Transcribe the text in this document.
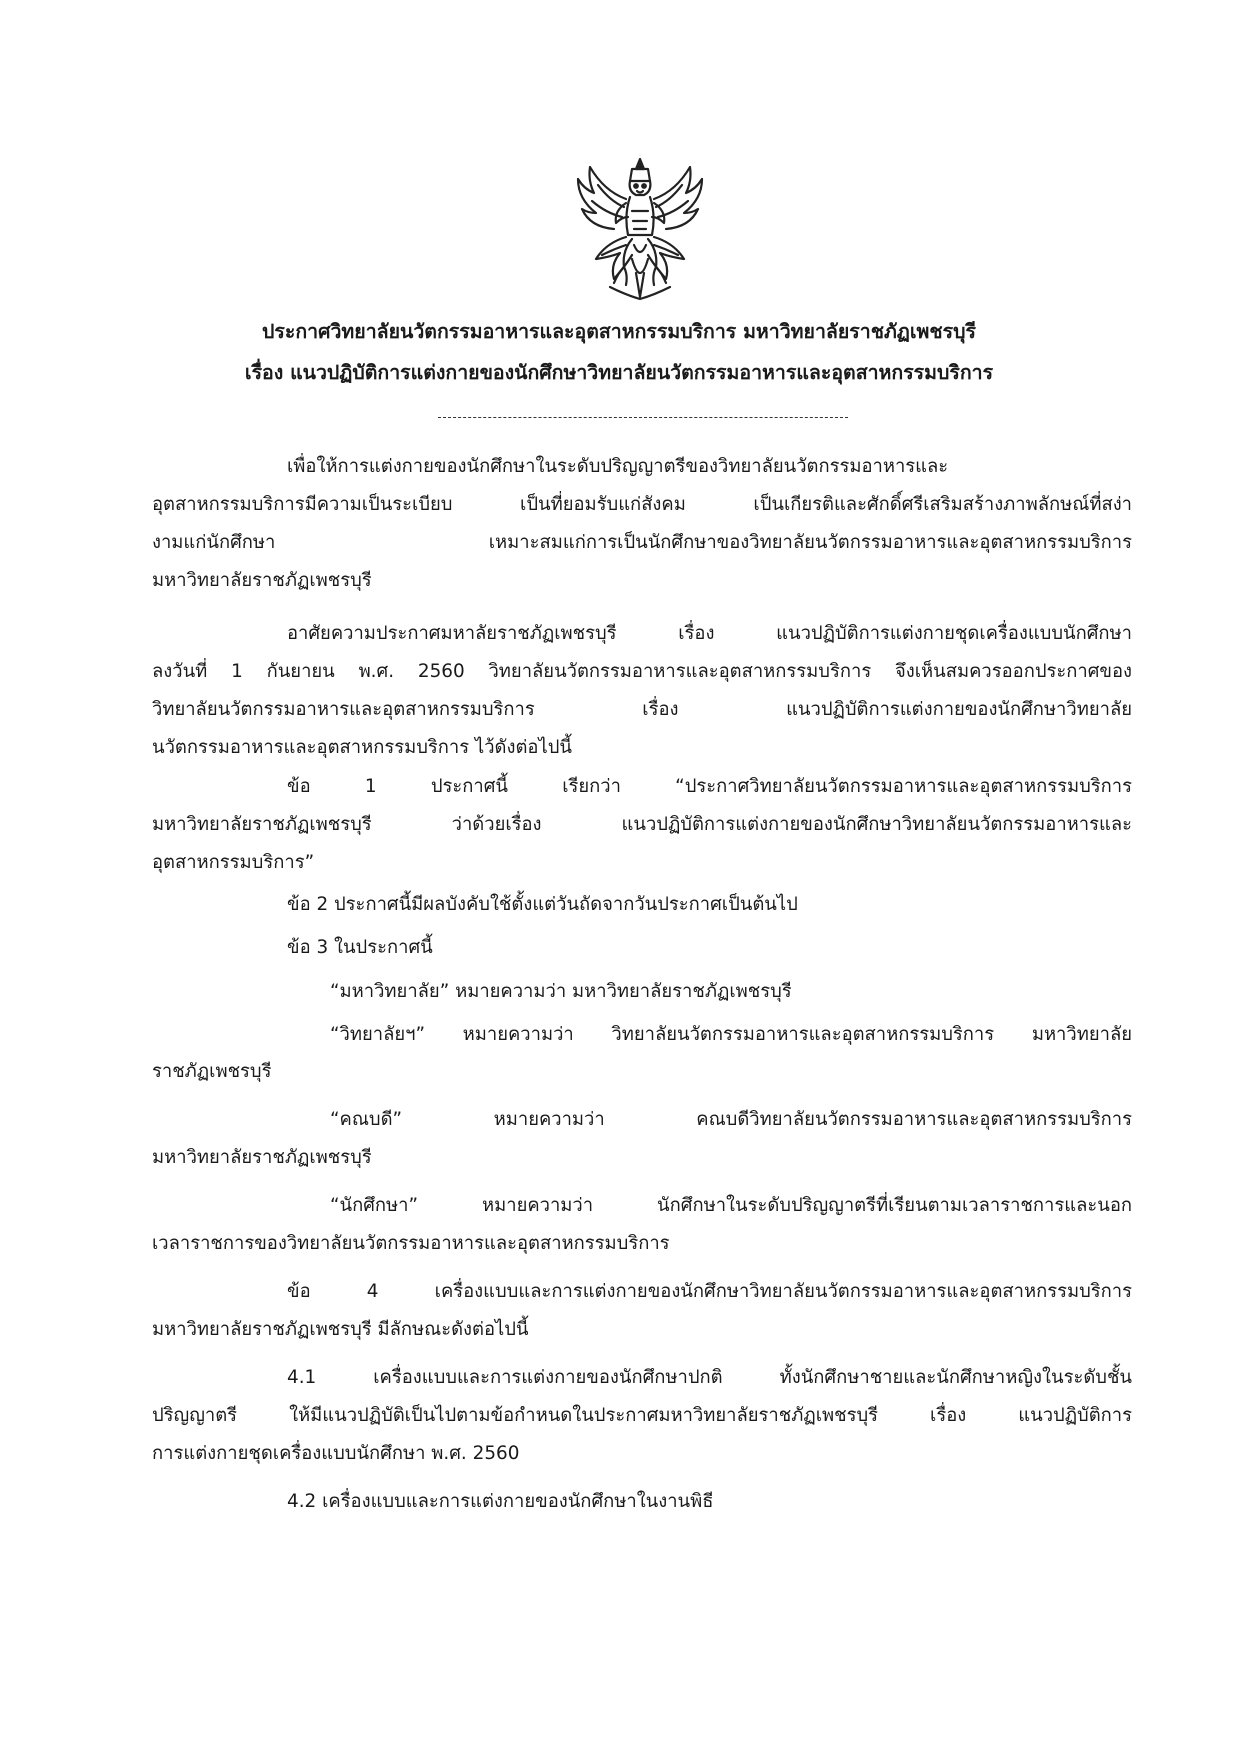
ประกาศวิทยาลัยนวัตกรรมอาหารและอุตสาหกรรมบริการ มหาวิทยาลัยราชภัฏเพชรบุรี
เรื่อง แนวปฏิบัติการแต่งกายของนักศึกษาวิทยาลัยนวัตกรรมอาหารและอุตสาหกรรมบริการ
เพื่อให้การแต่งกายของนักศึกษาในระดับปริญญาตรีของวิทยาลัยนวัตกรรมอาหารและ
อุตสาหกรรมบริการมีความเป็นระเบียบ เป็นที่ยอมรับแก่สังคม เป็นเกียรติและศักดิ์ศรีเสริมสร้างภาพลักษณ์ที่สง่า
งามแก่นักศึกษา เหมาะสมแก่การเป็นนักศึกษาของวิทยาลัยนวัตกรรมอาหารและอุตสาหกรรมบริการ
มหาวิทยาลัยราชภัฏเพชรบุรี
อาศัยความประกาศมหาลัยราชภัฏเพชรบุรี เรื่อง แนวปฏิบัติการแต่งกายชุดเครื่องแบบนักศึกษา
ลงวันที่ 1 กันยายน พ.ศ. 2560 วิทยาลัยนวัตกรรมอาหารและอุตสาหกรรมบริการ จึงเห็นสมควรออกประกาศของ
วิทยาลัยนวัตกรรมอาหารและอุตสาหกรรมบริการ เรื่อง แนวปฏิบัติการแต่งกายของนักศึกษาวิทยาลัย
นวัตกรรมอาหารและอุตสาหกรรมบริการ ไว้ดังต่อไปนี้
ข้อ 1 ประกาศนี้ เรียกว่า “ประกาศวิทยาลัยนวัตกรรมอาหารและอุตสาหกรรมบริการ
มหาวิทยาลัยราชภัฏเพชรบุรี ว่าด้วยเรื่อง แนวปฏิบัติการแต่งกายของนักศึกษาวิทยาลัยนวัตกรรมอาหารและ
อุตสาหกรรมบริการ”
ข้อ 2 ประกาศนี้มีผลบังคับใช้ตั้งแต่วันถัดจากวันประกาศเป็นต้นไป
ข้อ 3 ในประกาศนี้
“มหาวิทยาลัย” หมายความว่า มหาวิทยาลัยราชภัฏเพชรบุรี
“วิทยาลัยฯ” หมายความว่า วิทยาลัยนวัตกรรมอาหารและอุตสาหกรรมบริการ มหาวิทยาลัย
ราชภัฏเพชรบุรี
“คณบดี” หมายความว่า คณบดีวิทยาลัยนวัตกรรมอาหารและอุตสาหกรรมบริการ
มหาวิทยาลัยราชภัฏเพชรบุรี
“นักศึกษา” หมายความว่า นักศึกษาในระดับปริญญาตรีที่เรียนตามเวลาราชการและนอก
เวลาราชการของวิทยาลัยนวัตกรรมอาหารและอุตสาหกรรมบริการ
ข้อ 4 เครื่องแบบและการแต่งกายของนักศึกษาวิทยาลัยนวัตกรรมอาหารและอุตสาหกรรมบริการ
มหาวิทยาลัยราชภัฏเพชรบุรี มีลักษณะดังต่อไปนี้
4.1 เครื่องแบบและการแต่งกายของนักศึกษาปกติ ทั้งนักศึกษาชายและนักศึกษาหญิงในระดับชั้น
ปริญญาตรี ให้มีแนวปฏิบัติเป็นไปตามข้อกำหนดในประกาศมหาวิทยาลัยราชภัฏเพชรบุรี เรื่อง แนวปฏิบัติการ
การแต่งกายชุดเครื่องแบบนักศึกษา พ.ศ. 2560
4.2 เครื่องแบบและการแต่งกายของนักศึกษาในงานพิธี
